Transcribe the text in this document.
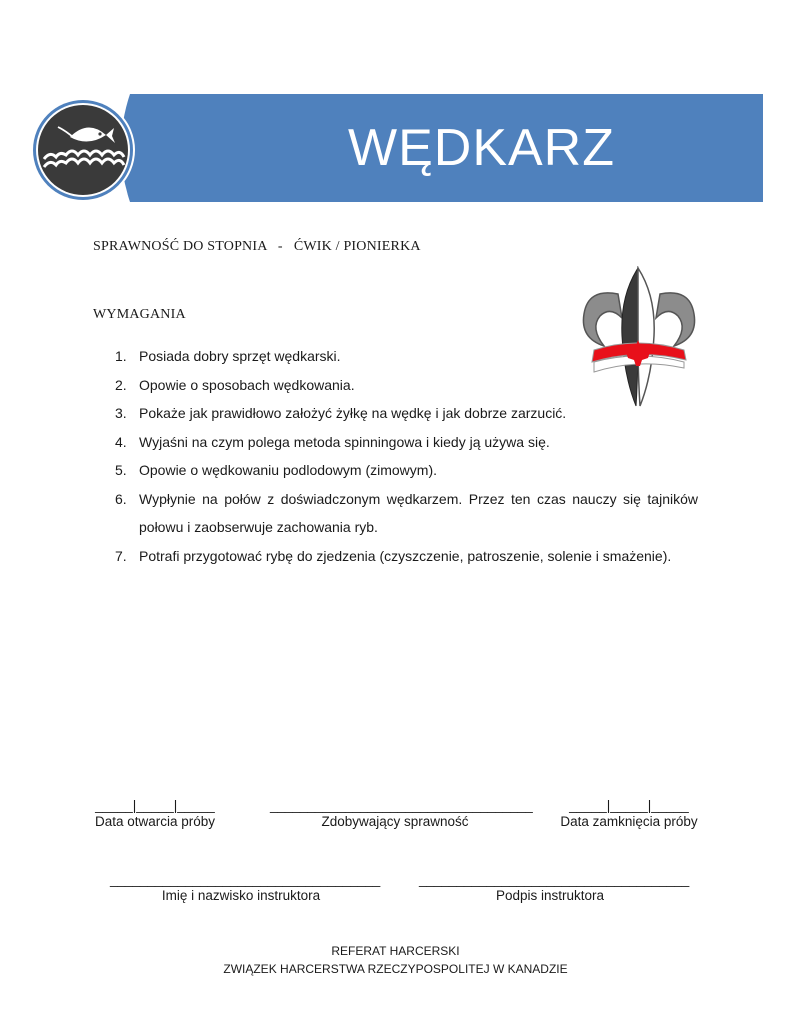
WĘDKARZ
SPRAWNOŚĆ DO STOPNIA   -   ĆWIK / PIONIERKA
WYMAGANIA
1. Posiada dobry sprzęt wędkarski.
2. Opowie o sposobach wędkowania.
3. Pokaże jak prawidłowo założyć żyłkę na wędkę i jak dobrze zarzucić.
4. Wyjaśni na czym polega metoda spinningowa i kiedy ją używa się.
5. Opowie o wędkowaniu podlodowym (zimowym).
6. Wypłynie na połów z doświadczonym wędkarzem. Przez ten czas nauczy się tajników połowu i zaobserwuje zachowania ryb.
7. Potrafi przygotować rybę do zjedzenia (czyszczenie, patroszenie, solenie i smażenie).
_____|_____|_____
Data otwarcia próby
___________________________________
Zdobywający sprawność
_____|_____|_____
Data zamknięcia próby
____________________________________
Imię i nazwisko instruktora
____________________________________
Podpis instruktora
REFERAT HARCERSKI
ZWIĄZEK HARCERSTWA RZECZYPOSPOLITEJ W KANADZIE
